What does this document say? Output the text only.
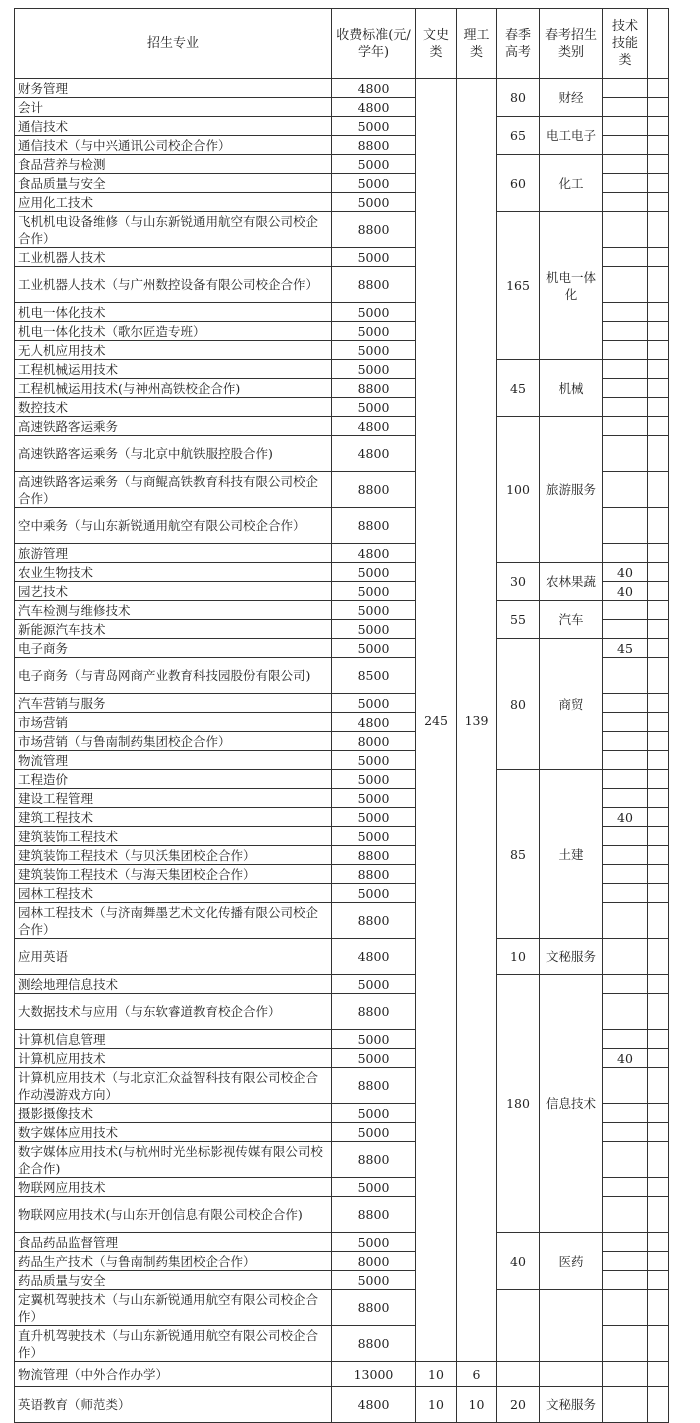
招生专业	收费标准(元/学年)	文史类	理工类	春季高考	春考招生类别	技术技能类	
财务管理	4800	245	139	80	财经		
会计	4800						
通信技术	5000			65	电工电子		
通信技术（与中兴通讯公司校企合作）	8800						
食品营养与检测	5000			60	化工		
食品质量与安全	5000						
应用化工技术	5000						
飞机机电设备维修（与山东新锐通用航空有限公司校企合作）	8800			165	机电一体化		
工业机器人技术	5000						
工业机器人技术（与广州数控设备有限公司校企合作）	8800						
机电一体化技术	5000						
机电一体化技术（歌尔匠造专班）	5000						
无人机应用技术	5000						
工程机械运用技术	5000			45	机械		
工程机械运用技术(与神州高铁校企合作)	8800						
数控技术	5000						
高速铁路客运乘务	4800			100	旅游服务		
高速铁路客运乘务（与北京中航铁服控股合作)	4800						
高速铁路客运乘务（与商鲲高铁教育科技有限公司校企合作）	8800						
空中乘务（与山东新锐通用航空有限公司校企合作）	8800						
旅游管理	4800						
农业生物技术	5000			30	农林果蔬	40	
园艺技术	5000					40	
汽车检测与维修技术	5000			55	汽车		
新能源汽车技术	5000						
电子商务	5000			80	商贸	45	
电子商务（与青岛网商产业教育科技园股份有限公司)	8500						
汽车营销与服务	5000						
市场营销	4800						
市场营销（与鲁南制药集团校企合作）	8000						
物流管理	5000						
工程造价	5000			85	土建		
建设工程管理	5000						
建筑工程技术	5000					40	
建筑装饰工程技术	5000						
建筑装饰工程技术（与贝沃集团校企合作）	8800						
建筑装饰工程技术（与海天集团校企合作）	8800						
园林工程技术	5000						
园林工程技术（与济南舞墨艺术文化传播有限公司校企合作）	8800						
应用英语	4800			10	文秘服务		
测绘地理信息技术	5000			180	信息技术		
大数据技术与应用（与东软睿道教育校企合作）	8800						
计算机信息管理	5000						
计算机应用技术	5000					40	
计算机应用技术（与北京汇众益智科技有限公司校企合作动漫游戏方向）	8800						
摄影摄像技术	5000						
数字媒体应用技术	5000						
数字媒体应用技术(与杭州时光坐标影视传媒有限公司校企合作)	8800						
物联网应用技术	5000						
物联网应用技术(与山东开创信息有限公司校企合作)	8800						
食品药品监督管理	5000			40	医药		
药品生产技术（与鲁南制药集团校企合作）	8000						
药品质量与安全	5000						
定翼机驾驶技术（与山东新锐通用航空有限公司校企合作）	8800						
直升机驾驶技术（与山东新锐通用航空有限公司校企合作）	8800						
物流管理（中外合作办学）	13000	10	6				
英语教育（师范类）	4800	10	10	20	文秘服务		
